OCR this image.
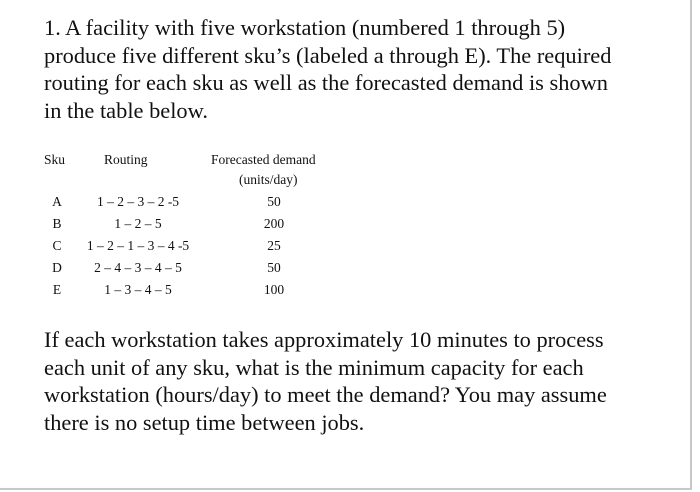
1. A facility with five workstation (numbered 1 through 5)
produce five different sku’s (labeled a through E). The required
routing for each sku as well as the forecasted demand is shown
in the table below.
Sku	Routing	Forecasted demand
(units/day)
A	1 – 2 – 3 – 2 -5	50
B	1 – 2 – 5	200
C	1 – 2 – 1 – 3 – 4 -5	25
D	2 – 4 – 3 – 4 – 5	50
E	1 – 3 – 4 – 5	100
If each workstation takes approximately 10 minutes to process
each unit of any sku, what is the minimum capacity for each
workstation (hours/day) to meet the demand? You may assume
there is no setup time between jobs.
